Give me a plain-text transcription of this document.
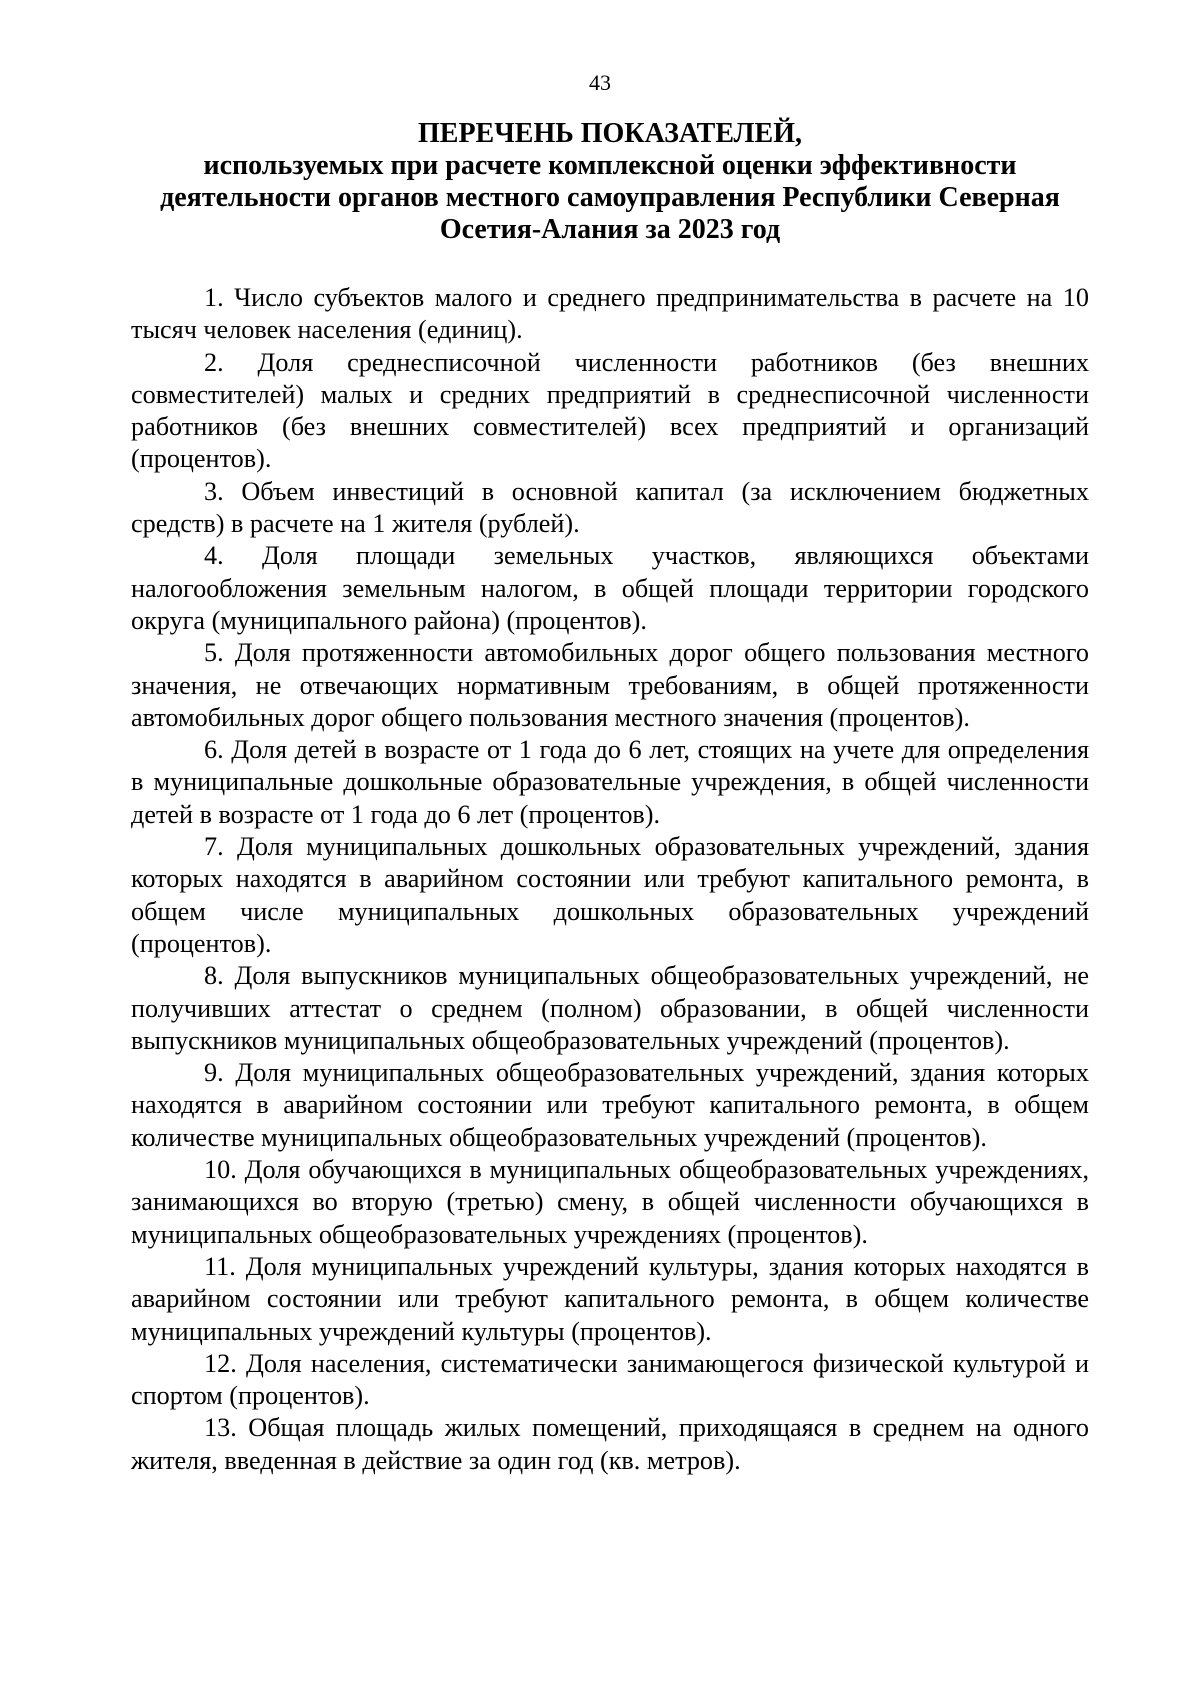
43
ПЕРЕЧЕНЬ ПОКАЗАТЕЛЕЙ,
используемых при расчете комплексной оценки эффективности
деятельности органов местного самоуправления Республики Северная
Осетия-Алания за 2023 год

1. Число субъектов малого и среднего предпринимательства в расчете на 10 тысяч человек населения (единиц).

2. Доля среднесписочной численности работников (без внешних совместителей) малых и средних предприятий в среднесписочной численности работников (без внешних совместителей) всех предприятий и организаций (процентов).

3. Объем инвестиций в основной капитал (за исключением бюджетных средств) в расчете на 1 жителя (рублей).

4. Доля площади земельных участков, являющихся объектами налогообложения земельным налогом, в общей площади территории городского округа (муниципального района) (процентов).

5. Доля протяженности автомобильных дорог общего пользования местного значения, не отвечающих нормативным требованиям, в общей протяженности автомобильных дорог общего пользования местного значения (процентов).

6. Доля детей в возрасте от 1 года до 6 лет, стоящих на учете для определения в муниципальные дошкольные образовательные учреждения, в общей численности детей в возрасте от 1 года до 6 лет (процентов).

7. Доля муниципальных дошкольных образовательных учреждений, здания которых находятся в аварийном состоянии или требуют капитального ремонта, в общем числе муниципальных дошкольных образовательных учреждений (процентов).

8. Доля выпускников муниципальных общеобразовательных учреждений, не получивших аттестат о среднем (полном) образовании, в общей численности выпускников муниципальных общеобразовательных учреждений (процентов).

9. Доля муниципальных общеобразовательных учреждений, здания которых находятся в аварийном состоянии или требуют капитального ремонта, в общем количестве муниципальных общеобразовательных учреждений (процентов).

10. Доля обучающихся в муниципальных общеобразовательных учреждениях, занимающихся во вторую (третью) смену, в общей численности обучающихся в муниципальных общеобразовательных учреждениях (процентов).

11. Доля муниципальных учреждений культуры, здания которых находятся в аварийном состоянии или требуют капитального ремонта, в общем количестве муниципальных учреждений культуры (процентов).

12. Доля населения, систематически занимающегося физической культурой и спортом (процентов).

13. Общая площадь жилых помещений, приходящаяся в среднем на одного жителя, введенная в действие за один год (кв. метров).
